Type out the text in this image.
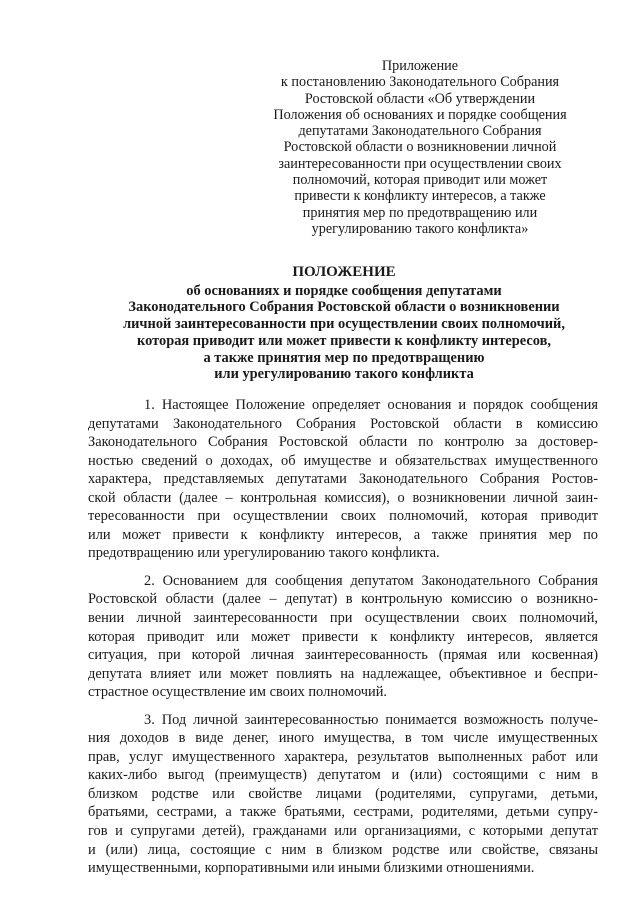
Приложение
к постановлению Законодательного Собрания
Ростовской области «Об утверждении
Положения об основаниях и порядке сообщения
депутатами Законодательного Собрания
Ростовской области о возникновении личной
заинтересованности при осуществлении своих
полномочий, которая приводит или может
привести к конфликту интересов, а также
принятия мер по предотвращению или
урегулированию такого конфликта»
ПОЛОЖЕНИЕ
об основаниях и порядке сообщения депутатами
Законодательного Собрания Ростовской области о возникновении
личной заинтересованности при осуществлении своих полномочий,
которая приводит или может привести к конфликту интересов,
а также принятия мер по предотвращению
или урегулированию такого конфликта
1. Настоящее Положение определяет основания и порядок сообщения
депутатами Законодательного Собрания Ростовской области в комиссию
Законодательного Собрания Ростовской области по контролю за достовер-
ностью сведений о доходах, об имуществе и обязательствах имущественного
характера, представляемых депутатами Законодательного Собрания Ростов-
ской области (далее – контрольная комиссия), о возникновении личной заин-
тересованности при осуществлении своих полномочий, которая приводит
или может привести к конфликту интересов, а также принятия мер по
предотвращению или урегулированию такого конфликта.
2. Основанием для сообщения депутатом Законодательного Собрания
Ростовской области (далее – депутат) в контрольную комиссию о возникно-
вении личной заинтересованности при осуществлении своих полномочий,
которая приводит или может привести к конфликту интересов, является
ситуация, при которой личная заинтересованность (прямая или косвенная)
депутата влияет или может повлиять на надлежащее, объективное и беспри-
страстное осуществление им своих полномочий.
3. Под личной заинтересованностью понимается возможность получе-
ния доходов в виде денег, иного имущества, в том числе имущественных
прав, услуг имущественного характера, результатов выполненных работ или
каких-либо выгод (преимуществ) депутатом и (или) состоящими с ним в
близком родстве или свойстве лицами (родителями, супругами, детьми,
братьями, сестрами, а также братьями, сестрами, родителями, детьми супру-
гов и супругами детей), гражданами или организациями, с которыми депутат
и (или) лица, состоящие с ним в близком родстве или свойстве, связаны
имущественными, корпоративными или иными близкими отношениями.
